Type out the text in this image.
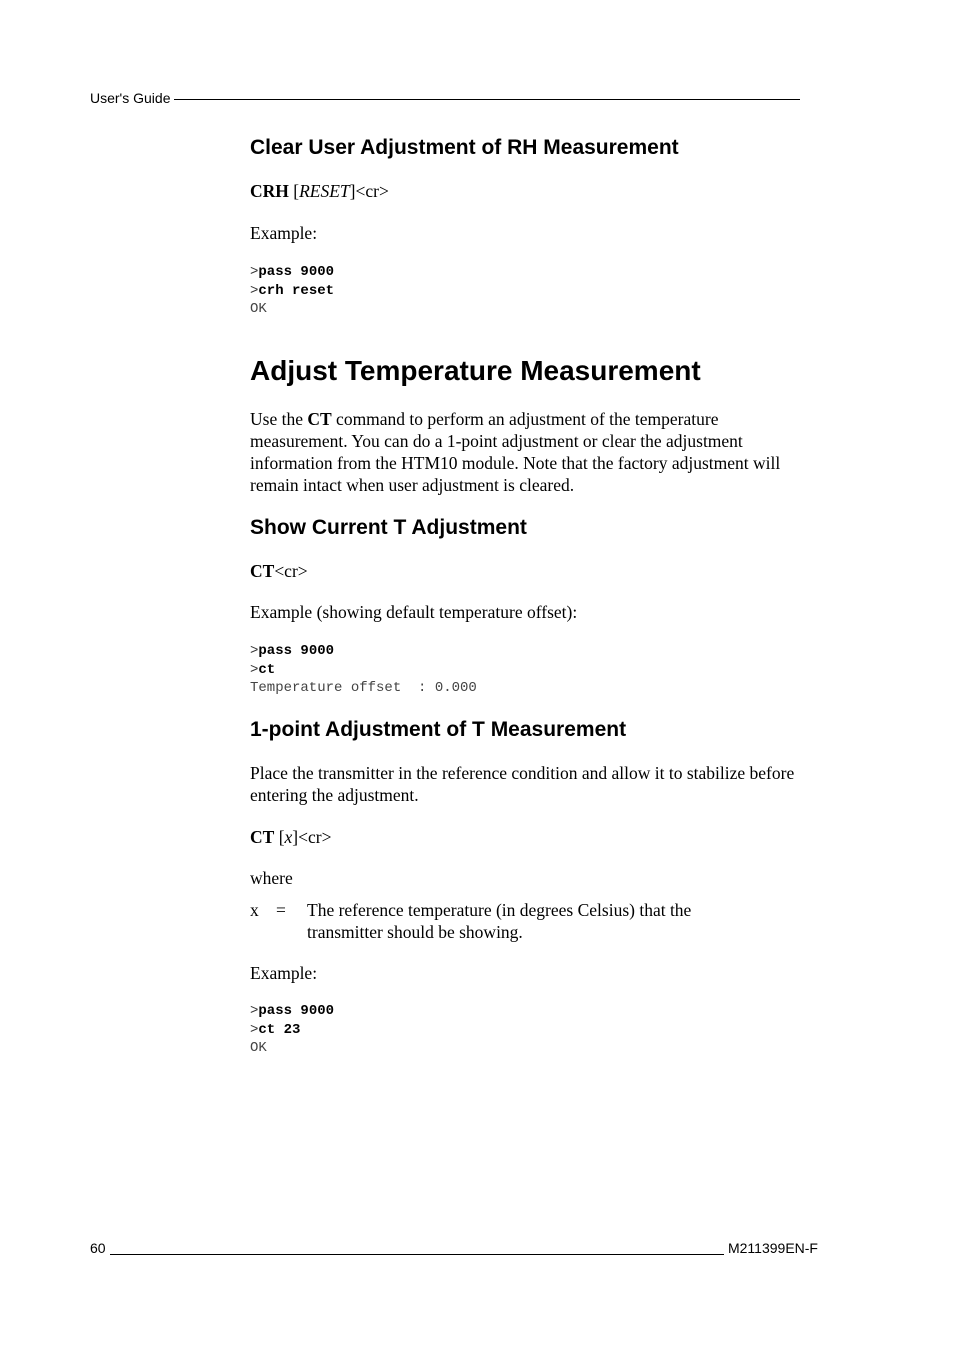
User's Guide
Clear User Adjustment of RH Measurement
CRH [RESET]<cr>
Example:
>pass 9000
>crh reset
OK
Adjust Temperature Measurement
Use the CT command to perform an adjustment of the temperature measurement. You can do a 1-point adjustment or clear the adjustment information from the HTM10 module. Note that the factory adjustment will remain intact when user adjustment is cleared.
Show Current T Adjustment
CT<cr>
Example (showing default temperature offset):
>pass 9000
>ct
Temperature offset  : 0.000
1-point Adjustment of T Measurement
Place the transmitter in the reference condition and allow it to stabilize before entering the adjustment.
CT [x]<cr>
where
x = The reference temperature (in degrees Celsius) that the transmitter should be showing.
Example:
>pass 9000
>ct 23
OK
60	M211399EN-F
